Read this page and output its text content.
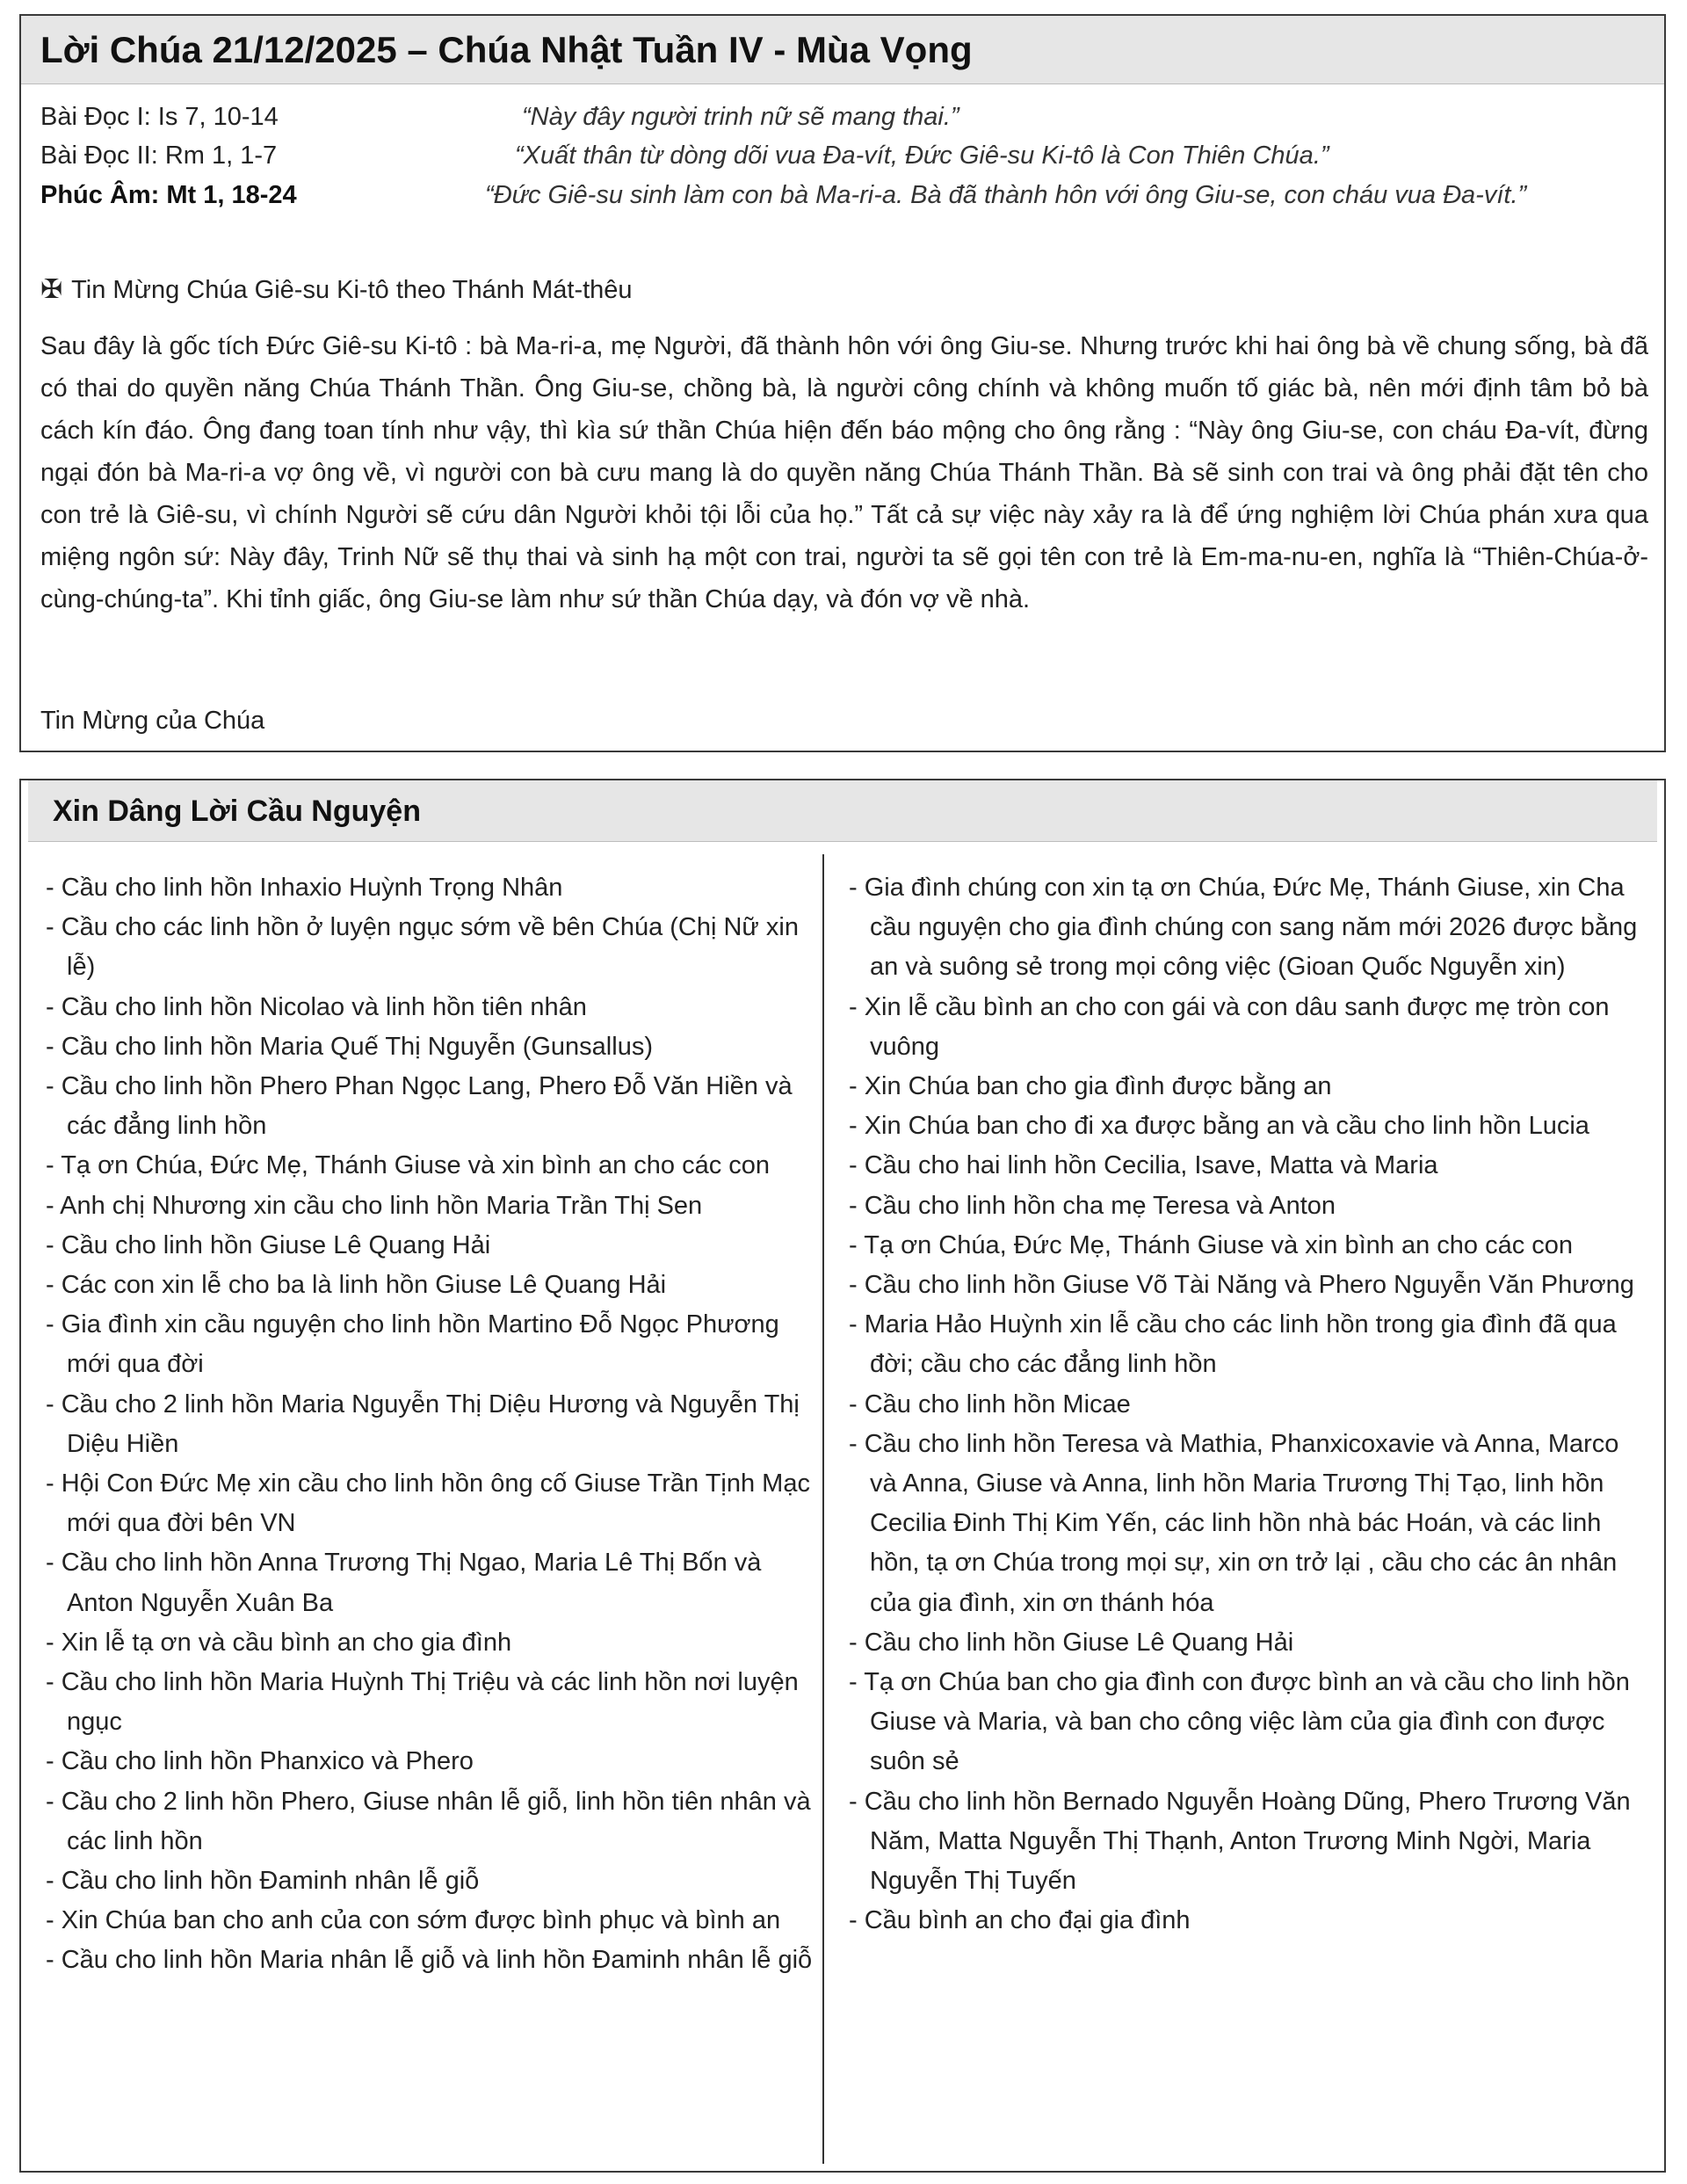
Lời Chúa 21/12/2025 – Chúa Nhật Tuần IV - Mùa Vọng
Bài Đọc I: Is 7, 10-14	“Này đây người trinh nữ sẽ mang thai.”
Bài Đọc II: Rm 1, 1-7	“Xuất thân từ dòng dõi vua Đa-vít, Đức Giê-su Ki-tô là Con Thiên Chúa.”
Phúc Âm: Mt 1, 18-24	“Đức Giê-su sinh làm con bà Ma-ri-a. Bà đã thành hôn với ông Giu-se, con cháu vua Đa-vít.”
✠ Tin Mừng Chúa Giê-su Ki-tô theo Thánh Mát-thêu
Sau đây là gốc tích Đức Giê-su Ki-tô : bà Ma-ri-a, mẹ Người, đã thành hôn với ông Giu-se. Nhưng trước khi hai ông bà về chung sống, bà đã có thai do quyền năng Chúa Thánh Thần. Ông Giu-se, chồng bà, là người công chính và không muốn tố giác bà, nên mới định tâm bỏ bà cách kín đáo. Ông đang toan tính như vậy, thì kìa sứ thần Chúa hiện đến báo mộng cho ông rằng : “Này ông Giu-se, con cháu Đa-vít, đừng ngại đón bà Ma-ri-a vợ ông về, vì người con bà cưu mang là do quyền năng Chúa Thánh Thần. Bà sẽ sinh con trai và ông phải đặt tên cho con trẻ là Giê-su, vì chính Người sẽ cứu dân Người khỏi tội lỗi của họ.” Tất cả sự việc này xảy ra là để ứng nghiệm lời Chúa phán xưa qua miệng ngôn sứ: Này đây, Trinh Nữ sẽ thụ thai và sinh hạ một con trai, người ta sẽ gọi tên con trẻ là Em-ma-nu-en, nghĩa là “Thiên-Chúa-ở-cùng-chúng-ta”. Khi tỉnh giấc, ông Giu-se làm như sứ thần Chúa dạy, và đón vợ về nhà.
Tin Mừng của Chúa
Xin Dâng Lời Cầu Nguyện
- Cầu cho linh hồn Inhaxio Huỳnh Trọng Nhân
- Cầu cho các linh hồn ở luyện ngục sớm về bên Chúa (Chị Nữ xin lễ)
- Cầu cho linh hồn Nicolao và linh hồn tiên nhân
- Cầu cho linh hồn Maria Quế Thị Nguyễn (Gunsallus)
- Cầu cho linh hồn Phero Phan Ngọc Lang, Phero Đỗ Văn Hiền và các đẳng linh hồn
- Tạ ơn Chúa, Đức Mẹ, Thánh Giuse và xin bình an cho các con
- Anh chị Nhương xin cầu cho linh hồn Maria Trần Thị Sen
- Cầu cho linh hồn Giuse Lê Quang Hải
- Các con xin lễ cho ba là linh hồn Giuse Lê Quang Hải
- Gia đình xin cầu nguyện cho linh hồn Martino Đỗ Ngọc Phương mới qua đời
- Cầu cho 2 linh hồn Maria Nguyễn Thị Diệu Hương và Nguyễn Thị Diệu Hiền
- Hội Con Đức Mẹ xin cầu cho linh hồn ông cố Giuse Trần Tịnh Mạc mới qua đời bên VN
- Cầu cho linh hồn Anna Trương Thị Ngao, Maria Lê Thị Bốn và Anton Nguyễn Xuân Ba
- Xin lễ tạ ơn và cầu bình an cho gia đình
- Cầu cho linh hồn Maria Huỳnh Thị Triệu và các linh hồn nơi luyện ngục
- Cầu cho linh hồn Phanxico và Phero
- Cầu cho 2 linh hồn Phero, Giuse nhân lễ giỗ, linh hồn tiên nhân và các linh hồn
- Cầu cho linh hồn Đaminh nhân lễ giỗ
- Xin Chúa ban cho anh của con sớm được bình phục và bình an
- Cầu cho linh hồn Maria nhân lễ giỗ và linh hồn Đaminh nhân lễ giỗ
- Gia đình chúng con xin tạ ơn Chúa, Đức Mẹ, Thánh Giuse, xin Cha cầu nguyện cho gia đình chúng con sang năm mới 2026 được bằng an và suông sẻ trong mọi công việc (Gioan Quốc Nguyễn xin)
- Xin lễ cầu bình an cho con gái và con dâu sanh được mẹ tròn con vuông
- Xin Chúa ban cho gia đình được bằng an
- Xin Chúa ban cho đi xa được bằng an và cầu cho linh hồn Lucia
- Cầu cho hai linh hồn Cecilia, Isave, Matta và Maria
- Cầu cho linh hồn cha mẹ Teresa và Anton
- Tạ ơn Chúa, Đức Mẹ, Thánh Giuse và xin bình an cho các con
- Cầu cho linh hồn Giuse Võ Tài Năng và Phero Nguyễn Văn Phương
- Maria Hảo Huỳnh xin lễ cầu cho các linh hồn trong gia đình đã qua đời; cầu cho các đẳng linh hồn
- Cầu cho linh hồn Micae
- Cầu cho linh hồn Teresa và Mathia, Phanxicoxavie và Anna, Marco và Anna, Giuse và Anna, linh hồn Maria Trương Thị Tạo, linh hồn Cecilia Đinh Thị Kim Yến, các linh hồn nhà bác Hoán, và các linh hồn, tạ ơn Chúa trong mọi sự, xin ơn trở lại , cầu cho các ân nhân của gia đình, xin ơn thánh hóa
- Cầu cho linh hồn Giuse Lê Quang Hải
- Tạ ơn Chúa ban cho gia đình con được bình an và cầu cho linh hồn Giuse và Maria, và ban cho công việc làm của gia đình con được suôn sẻ
- Cầu cho linh hồn Bernado Nguyễn Hoàng Dũng, Phero Trương Văn Năm, Matta Nguyễn Thị Thạnh, Anton Trương Minh Ngời, Maria Nguyễn Thị Tuyến
- Cầu bình an cho đại gia đình
